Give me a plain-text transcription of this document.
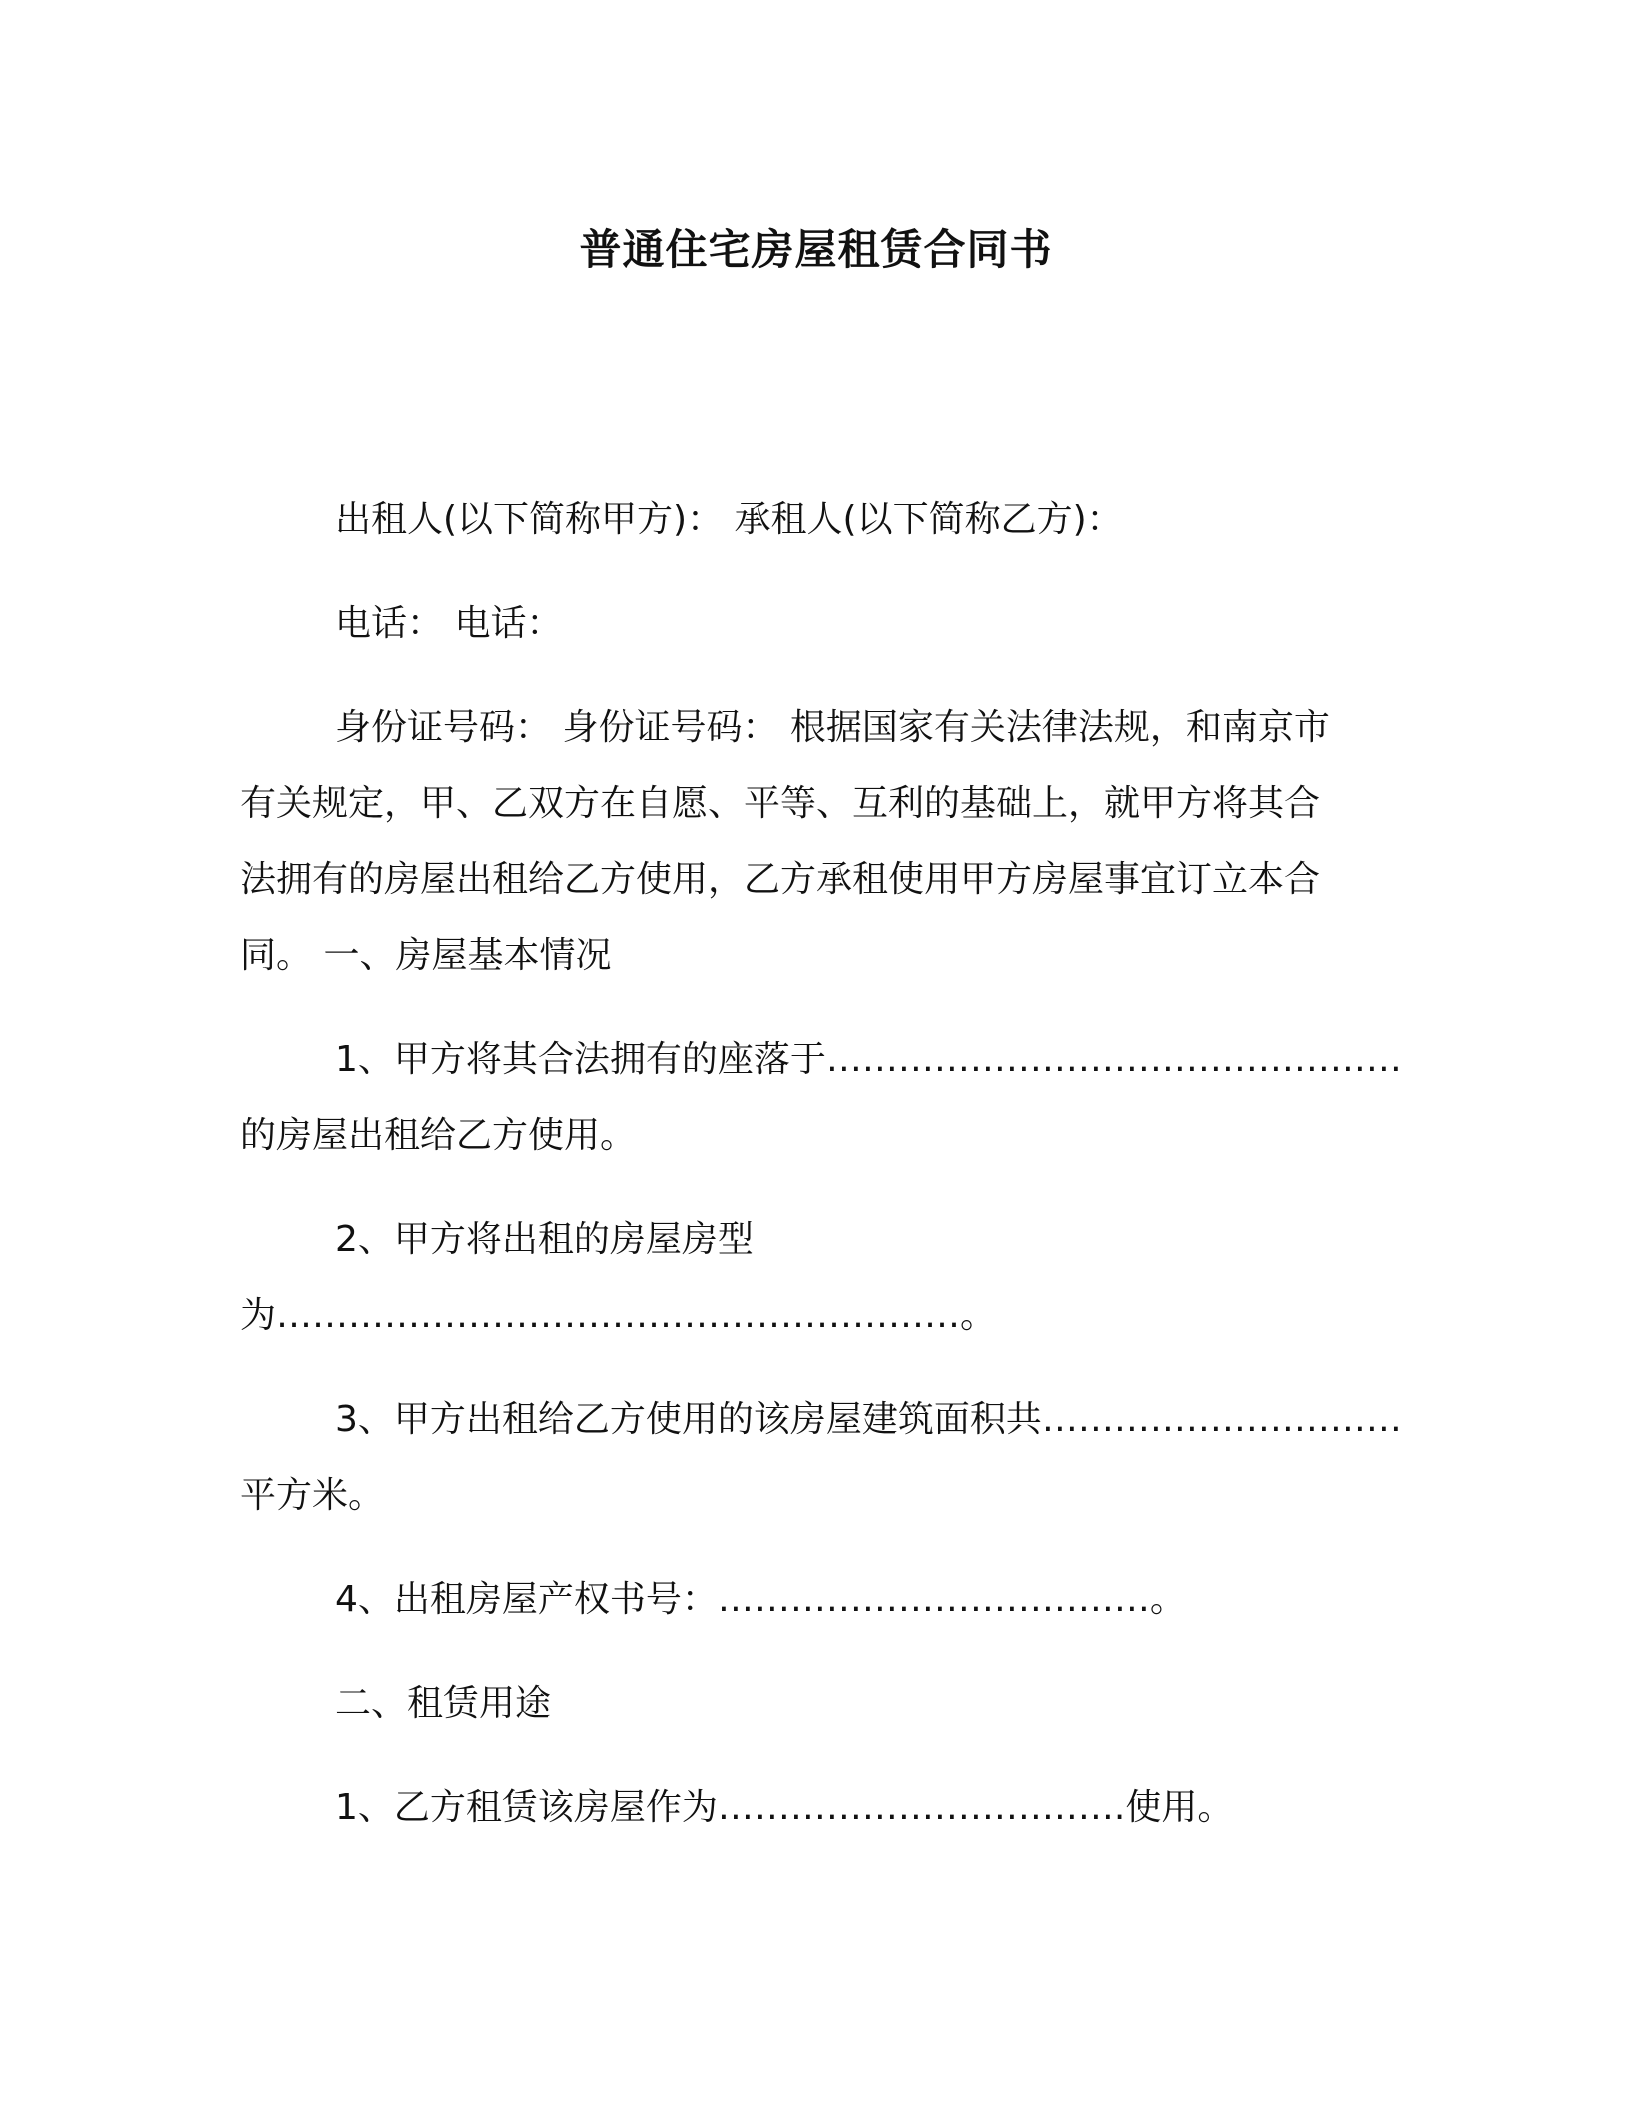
普通住宅房屋租赁合同书
出租人(以下简称甲方)： 承租人(以下简称乙方)：
电话： 电话：
身份证号码： 身份证号码： 根据国家有关法律法规，和南京市
有关规定，甲、乙双方在自愿、平等、互利的基础上，就甲方将其合
法拥有的房屋出租给乙方使用，乙方承租使用甲方房屋事宜订立本合
同。 一、房屋基本情况
1、甲方将其合法拥有的座落于…………………………………………
的房屋出租给乙方使用。
2、甲方将出租的房屋房型
为…………………………………………………。
3、甲方出租给乙方使用的该房屋建筑面积共…………………………
平方米。
4、出租房屋产权书号：………………………………。
二、租赁用途
1、乙方租赁该房屋作为…………………………….使用。
